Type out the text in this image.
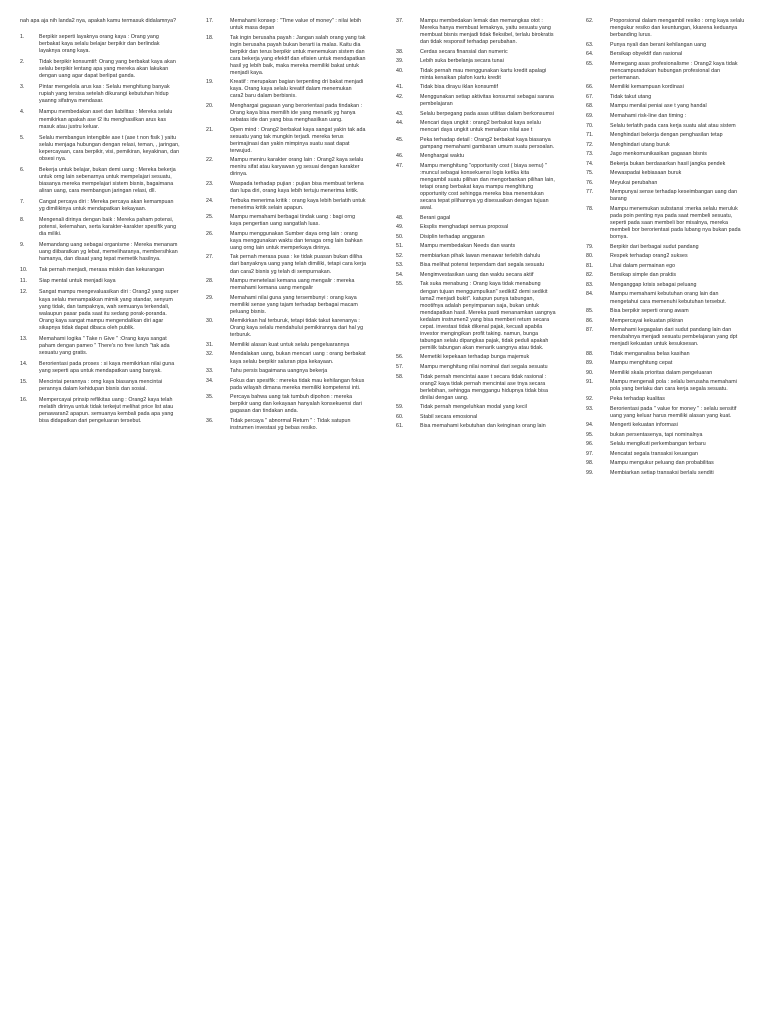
nah apa aja nih landa2 nya, apakah kamu termasuk didalamnya?

1.	Berpikir seperti layaknya orang kaya : Orang yang berbakat kaya selalu belajar berpikir dan berlindak layaknya orang kaya.
2.	Tidak berpikir konsumtif: Orang yang berbakat kaya akan selalu berpikir lentang apa yang mereka akan lakukan dengan uang agar dapat berlipat ganda.
3.	Pintar mengelola arus kas : Selalu menghitung banyak rupiah yang tersisa setelah dikurangi kebutuhan hidup yaanng sifatnya mendasar.
4.	Mampu membedakan aset dan liabilitas : Mereka selalu memikirkan apakah ase t2 itu menghasilkan arus kas masuk atau justru keluar.
5.	Selalu membangun intengible ase t (ase t non fisik ) yaitu selalu menjaga hubungan dengan relasi, teman, , jaringan, kepercayaan, cara berpikir, visi, pemikiran, keyakinan, dan obsesi nya.
6.	Bekerja untuk belajar, bukan demi uang : Mereka bekerja untuk orng lain sebenarnya untuk mempelajari sesuatu, biasanya mereka mempelajari sistem bisnis, bagaimana aliran uang, cara membangun jaringan relasi, dll.
7.	Cangat percaya diri : Mereka percaya akan kemampuan yg dimilikinya untuk mendapatkan kekayaan.
8.	Mengenali dirinya dengan baik : Mereka paham potensi, potensi, kelemahan, serta karakter-karakter spesifik yang dia miliki.
9.	Memandang uang sebagai organisme : Mereka menanam uang diibaratkan yg lebat, memeliharanya, membersihkan hamanya, dan disaat yang tepat memetik hasilnya.
10.	Tak pernah menjadi, merasa miskin dan kekurangan
11.	Siap mental untuk menjadi kaya
12.	Sangat mampu mengevaluasikan diri : Orang2 yang super kaya selalu menampakkan mimik yang standar, senyum yang tidak, dan tampaknya, wah semuanya terkendali, walaupun pasar pada saat itu sedang porak-poranda. Orang kaya sangat mampu mengendalikan diri agar sikapnya tidak dapat dibaca oleh publik.
13.	Memahami logika " Take n Give " :Orang kaya sangat paham dengan pameo " There's no free lunch "tak ada sesuatu yang gratis.
14.	Berorientasi pada proses : si kaya memikirkan nilai guna yang seperti apa untuk mendapatkan uang banyak.
15.	Mencintai perannya : orng kaya biasanya mencintai perannya dalam kehidupan bisnis dan sosial.
16.	Mempercayai prinsip reflikitas uang : Orang2 kaya telah melatih dirinya untuk tidak terkejut melihat price list atau penawaran2 apapun. semuanya kembali pada apa yang bisa didapatkan dari pengeluaran tersebut.
17.	Memahami konsep : "Time value of money" : nilai lebih untuk masa depan
18.	Tak ingin berusaha payah : Jangan salah orang yang tak ingin berusaha payah bukan berarti ia malas. Kaitu dia berpikir dan terus berpikir untuk menemukan sistem dan cara bekerja yang efektif dan efisien untuk mendapatkan hasil yg lebih baik, maka mereka memiliki bakat untuk menjadi kaya.
19.	Kreatif : merupakan bagian terpenting dri bakat menjadi kaya. Orang kaya selalu kreatif dalam menemukan cara2 baru dalam berbisnis.
20.	Menghargai gagasan yang berorientasi pada tindakan : Orang kaya bisa memilih ide yang menarik yg hanya sebatas ide dan yang bisa menghasilkan uang.
21.	Open mind : Orang2 berbakat kaya sangat yakin tak ada sesuatu yang tak mungkin terjadi. mereka terus berimajinasi dan yakin mimpinya suatu saat dapat terwujud.
22.	Mampu meniru karakter orang lain : Orang2 kaya selalu meniru sifat atau karyawan yg sesuai dengan karakter dirinya.
23.	Waspada terhadap pujian : pujian bisa membuat terlena dan lupa diri, orang kaya lebih tertuju menerima kritik.
24.	Terbuka menerima kritik : orang kaya lebih berlatih untuk menerima kritik selain apapun.
25.	Mampu memahami berbagai tindak uang : bagi orng kaya pengertian uang sangatlah luas.
26.	Mampu menggunakan Sumber daya orng lain : orang kaya menggunakan waktu dan tenaga orng lain bahkan uang orng lain untuk memperkaya dirinya.
27.	Tak pernah merasa puas : ke tidak puasan bukan diliha dari banyaknya uang yang telah dimiliki, tetapi cara kerja dan cara2 bisnis yg telah di sempurnakan.
28.	Mampu menetelasi kemana uang mengalir : mereka memahami kemana uang mengalir
29.	Memahami nilai guna yang tersembunyi : orang kaya memiliki sense yang tajam terhadap berbagai macam peluang bisnis.
30.	Memikirkan hal terburuk, tetapi tidak takut karenanya : Orang kaya selalu mendahului pemikirannya dari hal yg terburuk.
31.	Memiliki alasan kuat untuk selalu pengeluarannya
32.	Mendalakan uang, bukan mencari uang : orang berbakat kaya selalu berpikir saluran pipa kekayaan.
33.	Tahu persis bagaimana uangnya bekerja
34.	Fokus dan spesifik : mereka tidak mau kehilangan fokus pada wilayah dimana mereka memiliki kompetensi inti.
35.	Percaya bahwa uang tak tumbuh dipohon : mereka berpikir uang dan kekayaan hanyalah konsekuensi dari gagasan dan tindakan anda.
36.	Tidak percaya " abnormal Return " : Tidak satupun instrumen investasi yg bebas resiko.
37.	Mampu membedakan lemak dan memangkas otot : Mereka hanya membuat lemaknya, yaitu sesuatu yang membuat bisnis menjadi tidak fleksibel, terlalu birokratis dan tidak responsif terhadap perubahan.
38.	Cerdas secara finansial dan numeric
39.	Lebih suka berbelanja secara tunai
40.	Tidak pernah mau menggunakan kartu kredit apalagi minta kenaikan plafon kartu kredit
41.	Tidak bisa dirayu iklan konsumtif
42.	Menggunakan setiap aktivitas konsumsi sebagai sarana pembelajaran
43.	Selalu berpegang pada asas utilitas dalam berkonsumsi
44.	Mencari daya ungkit : orang2 berbakat kaya selalu mencari daya ungkit untuk menaikan nilai ase t
45.	Peka terhadap detail : Orang2 berbakat kaya biasanya gampang memahami gambaran umum suatu persoalan.
46.	Menghargai waktu
47.	Mampu menghitung "opportunity cost ( biaya semu) " :muncul sebagai konsekuensi logis ketika kita mengambil suatu pilihan dan mengorbankan pilihan lain, tetapi orang berbakat kaya mampu menghitung opportunity cost sehingga mereka bisa menentukan secara tepat pilihannya yg disesuaikan dengan tujuan awal.
48.	Berani gagal
49.	Eksplis menghadapi semua proposal
50.	Disiplin terhadap anggaran
51.	Mampu membedakan Needs dan wants
52.	membiarkan pihak lawan menawar terlebih dahulu
53.	Bisa melihat potensi terpendam dari segala sesuatu
54.	Mengimvestasikan uang dan waktu secara aktif
55.	Tak suka menabung : Orang kaya tidak menabung dengan tujuan menggumpulkan" sedikit2 demi sedikit lama2 menjadi bukit". katupun punya tabungan, mootifnya adalah penyimpanan saja, bukan untuk mendapatkan hasil. Mereka pasti menanamkan uangnya kedalam instrumen2 yang bisa memberi return secara cepat. investasi tidak dikenal pajak, kecuali apabila investor mengingikan profit taking. namun, bunga tabungan selalu dipangkas pajak, tidak peduli apakah pemilik tabungan akan menarik uangnya atau tidak.
56.	Memetiki kepekaan terhadap bunga majemuk
57.	Mampu menghitung nilai nominal dari segala sesuatu
58.	Tidak pernah mencintai aase t secara tidak rasional : orang2 kaya tidak pernah mencintai ase tnya secara berlebihan, sehingga menggangu hidupnya tidak bisa dinilai dengan uang.
59.	Tidak pernah mengeluhkan modal yang kecil
60.	Stabil secara emosional
61.	Bisa memahami kebutuhan dan keinginan orang lain
62.	Proporsional dalam mengambil resiko : orng kaya selalu mengukur resiko dan keuntungan, kkarena keduanya berbanding lurus.
63.	Punya nyali dan berani kehilangan uang
64.	Bersikap obyektif dan rasional
65.	Memegang asas profesionalisme : Orang2 kaya tidak mencampuradukan hubungan profesional dan pertemanan.
66.	Memiliki kemampuan kordinasi
67.	Tidak takut utang
68.	Mampu menilai peniai ase t yang handal
69.	Memahami risk-line dan timing :
70.	Selalu terlatih pada cara kerja suatu alat atau sistem
71.	Menghindari bekerja dengan penghasilan tetap
72.	Menghindari utang buruk
73.	Jago menkomunikasikan gagasan bisnis
74.	Bekerja bukan berdasarkan hasil jangka pendek
75.	Mewaspadai kebiasaan buruk
76.	Meyukai perubahan
77.	Mempunyai sense terhadap keseimbangan uang dan barang
78.	Mampu menemukan substansi :merka selalu meruluk pada poin penting nya pada saat membeli sesuatu, seperti pada saan membeli bor misalnya, mereka membeli bor berorientasi pada lubang nya bukan pada bornya.
79.	Berpikir dari berbagai sudut pandang
80.	Respek terhadap orang2 sukses
81.	Lihai dalam permainan ego
82.	Bersikap simple dan praktis
83.	Menganggap krisis sebagai peluang
84.	Mampu memahami kebutuhan orang lain dan mengetahui cara memenuhi kebutuhan tersebut.
85.	Bisa berpikir seperti orang awam
86.	Mempercayai kekuatan pikiran
87.	Memahami kegagalan dari sudut pandang lain dan merubahnya menjadi sesuatu pembelajaran yang dpt menjadi kekuatan untuk kesuksesan.
88.	Tidak menganalisa belas kasihan
89.	Mampu menghitung cepat
90.	Memiliki skala prioritas dalam pengeluaran
91.	Mampu mengenali pola : selalu berusaha memahami pola yang berlaku dan cara kerja segala sesuatu.
92.	Peka terhadap kualitas
93.	Berorientasi pada " value for money " : selalu sensitif uang yang keluar harus memiliki alasan yang kuat.
94.	Mengerti kekuatan informasi
95.	bukan persentasenya, tapi nominalnya
96.	Selalu mengikuti perkembangan terbaru
97.	Mencatat segala transaksi keuangan
98.	Mampu mengukur peluang dan probabilitas
99.	Membiarkan setiap transaksi berlalu senditi
